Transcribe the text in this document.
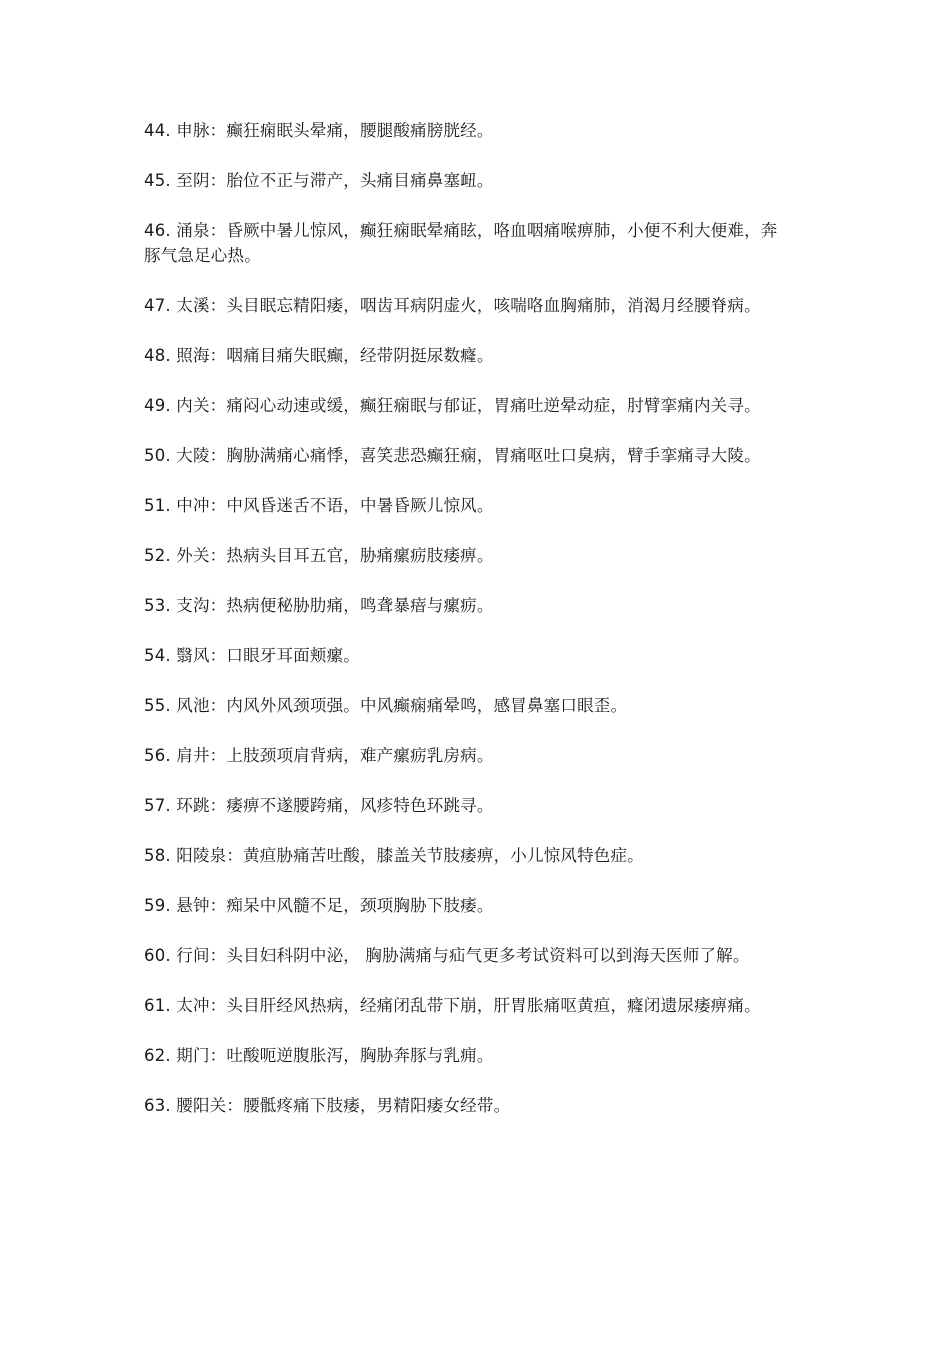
44. 申脉：癫狂痫眠头晕痛，腰腿酸痛膀胱经。

45. 至阴：胎位不正与滞产，头痛目痛鼻塞衄。

46. 涌泉：昏厥中暑儿惊风，癫狂痫眠晕痛眩，咯血咽痛喉痹肺，小便不利大便难，奔豚气急足心热。

47. 太溪：头目眠忘精阳痿，咽齿耳病阴虚火，咳喘咯血胸痛肺，消渴月经腰脊病。

48. 照海：咽痛目痛失眠癫，经带阴挺尿数癃。

49. 内关：痛闷心动速或缓，癫狂痫眠与郁证，胃痛吐逆晕动症，肘臂挛痛内关寻。

50. 大陵：胸胁满痛心痛悸，喜笑悲恐癫狂痫，胃痛呕吐口臭病，臂手挛痛寻大陵。

51. 中冲：中风昏迷舌不语，中暑昏厥儿惊风。

52. 外关：热病头目耳五官，胁痛瘰疬肢痿痹。

53. 支沟：热病便秘胁肋痛，鸣聋暴瘖与瘰疬。

54. 翳风：口眼牙耳面颊瘰。

55. 风池：内风外风颈项强。中风癫痫痛晕鸣，感冒鼻塞口眼歪。

56. 肩井：上肢颈项肩背病，难产瘰疬乳房病。

57. 环跳：痿痹不遂腰跨痛，风疹特色环跳寻。

58. 阳陵泉：黄疸胁痛苦吐酸，膝盖关节肢痿痹，小儿惊风特色症。

59. 悬钟：痴呆中风髓不足，颈项胸胁下肢痿。

60. 行间：头目妇科阴中泌， 胸胁满痛与疝气更多考试资料可以到海天医师了解。

61. 太冲：头目肝经风热病，经痛闭乱带下崩，肝胃胀痛呕黄疸，癃闭遗尿痿痹痛。

62. 期门：吐酸呃逆腹胀泻，胸胁奔豚与乳痈。

63. 腰阳关：腰骶疼痛下肢痿，男精阳痿女经带。
